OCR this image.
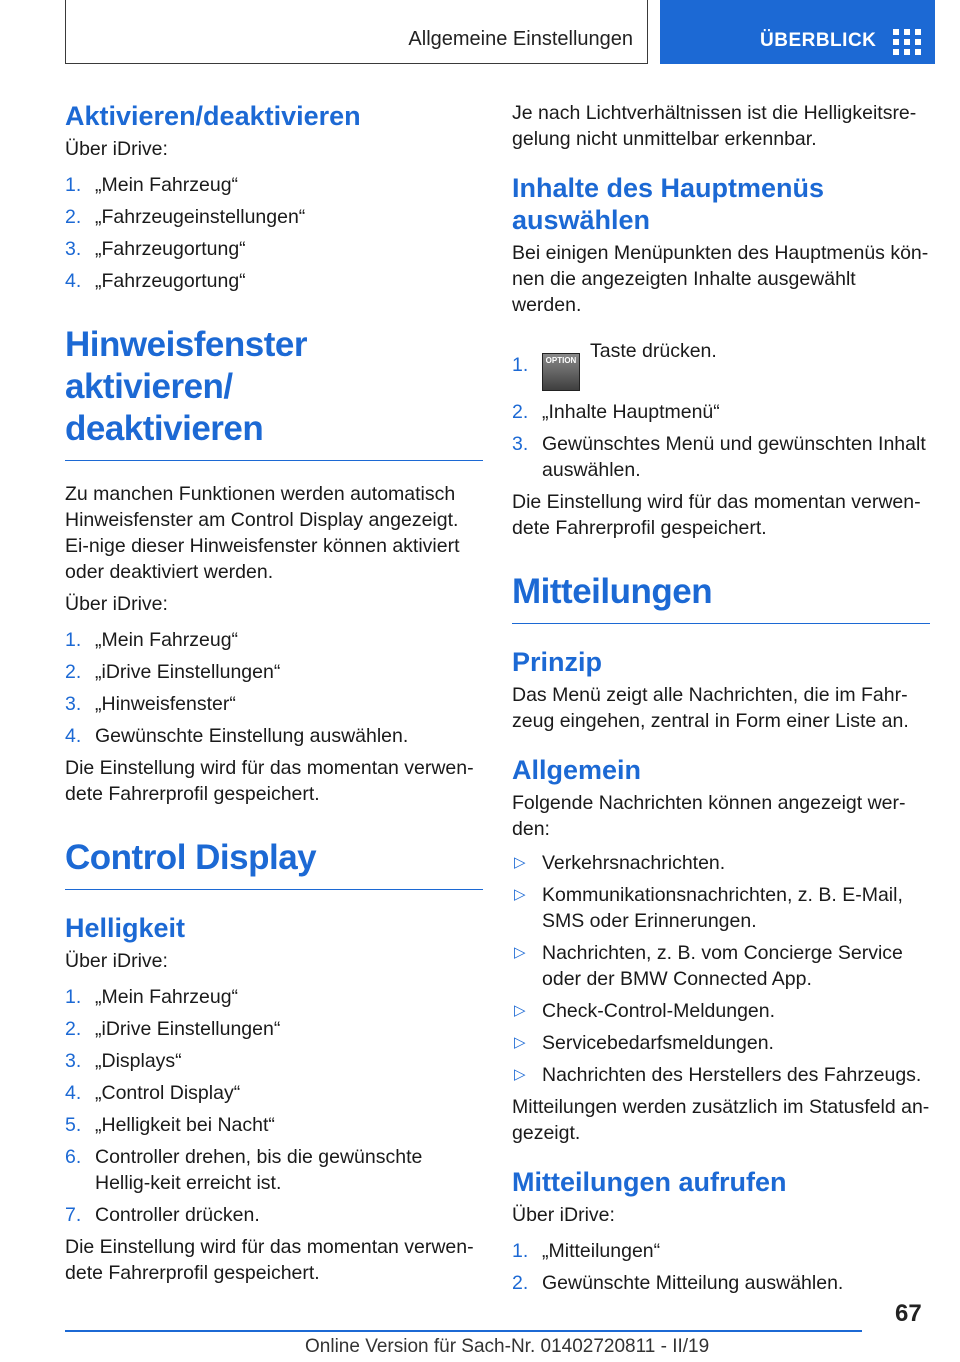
Allgemeine Einstellungen	ÜBERBLICK
Aktivieren/deaktivieren

Über iDrive:

1. „Mein Fahrzeug“
2. „Fahrzeugeinstellungen“
3. „Fahrzeugortung“
4. „Fahrzeugortung“
Hinweisfenster aktivieren/
deaktivieren

Zu manchen Funktionen werden automatisch Hinweisfenster am Control Display angezeigt. Ei-nige dieser Hinweisfenster können aktiviert oder deaktiviert werden.

Über iDrive:

1. „Mein Fahrzeug“
2. „iDrive Einstellungen“
3. „Hinweisfenster“
4. Gewünschte Einstellung auswählen.

Die Einstellung wird für das momentan verwen-dete Fahrerprofil gespeichert.

Control Display
Helligkeit

Über iDrive:

1. „Mein Fahrzeug“
2. „iDrive Einstellungen“
3. „Displays“
4. „Control Display“
5. „Helligkeit bei Nacht“
6. Controller drehen, bis die gewünschte Hellig-keit erreicht ist.
7. Controller drücken.

Die Einstellung wird für das momentan verwen-dete Fahrerprofil gespeichert.

Je nach Lichtverhältnissen ist die Helligkeitsre-gelung nicht unmittelbar erkennbar.

Inhalte des Hauptmenüs
auswählen

Bei einigen Menüpunkten des Hauptmenüs kön-nen die angezeigten Inhalte ausgewählt werden.

1. OPTION Taste drücken.
2. „Inhalte Hauptmenü“
3. Gewünschtes Menü und gewünschten Inhalt auswählen.

Die Einstellung wird für das momentan verwen-dete Fahrerprofil gespeichert.

Mitteilungen
Prinzip

Das Menü zeigt alle Nachrichten, die im Fahr-zeug eingehen, zentral in Form einer Liste an.

Allgemein

Folgende Nachrichten können angezeigt wer-den:

▷ Verkehrsnachrichten.
▷ Kommunikationsnachrichten, z. B. E-Mail, SMS oder Erinnerungen.
▷ Nachrichten, z. B. vom Concierge Service oder der BMW Connected App.
▷ Check-Control-Meldungen.
▷ Servicebedarfsmeldungen.
▷ Nachrichten des Herstellers des Fahrzeugs.

Mitteilungen werden zusätzlich im Statusfeld an-gezeigt.

Mitteilungen aufrufen

Über iDrive:

1. „Mitteilungen“
2. Gewünschte Mitteilung auswählen.
67
Online Version für Sach-Nr. 01402720811 - II/19
